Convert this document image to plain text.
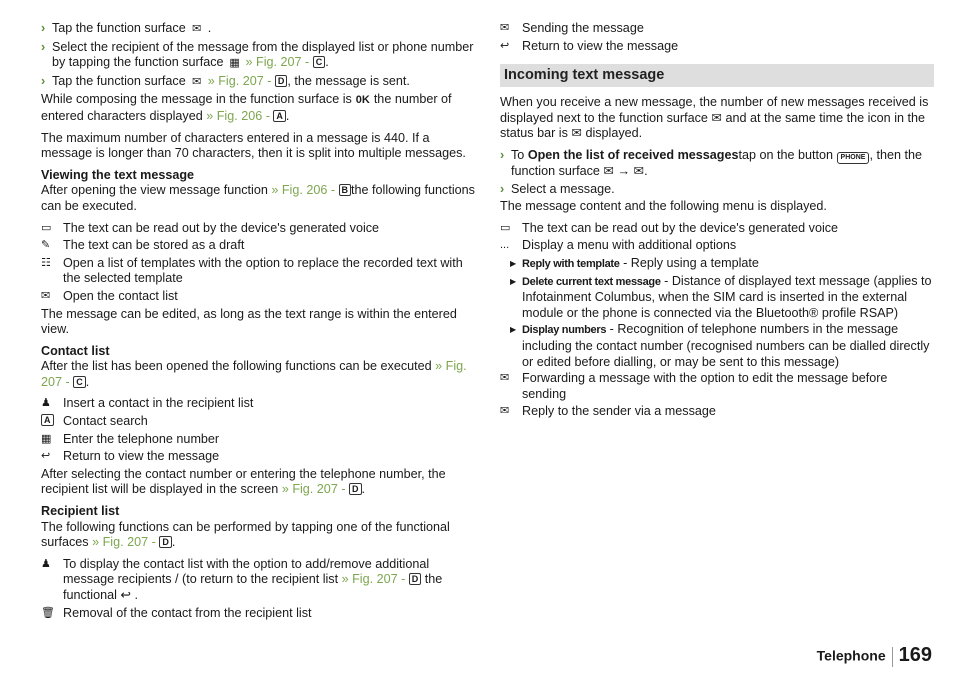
› Tap the function surface ✉ .
› Select the recipient of the message from the displayed list or phone number by tapping the function surface ▦ » Fig. 207 - C .
› Tap the function surface ✉ » Fig. 207 - D , the message is sent.

While composing the message in the function surface is 0K the number of entered characters displayed » Fig. 206 - A .

The maximum number of characters entered in a message is 440. If a message is longer than 70 characters, then it is split into multiple messages.

Viewing the text message

After opening the view message function » Fig. 206 - B the following functions can be executed.

▭ The text can be read out by the device's generated voice
✎	The text can be stored as a draft
☷ Open a list of templates with the option to replace the recorded text with the selected template
✉	Open the contact list

The message can be edited, as long as the text range is within the entered view.

Contact list

After the list has been opened the following functions can be executed » Fig. 207 - C .

♟ Insert a contact in the recipient list
A Contact search
▦ Enter the telephone number
↩	Return to view the message

After selecting the contact number or entering the telephone number, the recipient list will be displayed in the screen » Fig. 207 - D .

Recipient list

The following functions can be performed by tapping one of the functional surfaces » Fig. 207 - D .

♟ To display the contact list with the option to add/remove additional message recipients / (to return to the recipient list » Fig. 207 - D the functional ↩ .
🗑 Removal of the contact from the recipient list
✉	Sending the message
↩	Return to view the message
Incoming text message

When you receive a new message, the number of new messages received is displayed next to the function surface ✉ and at the same time the icon in the status bar is ✉ displayed.

› To Open the list of received messagestap on the button PHONE , then the function surface ✉ → ✉.
› Select a message.

The message content and the following menu is displayed.

▭ The text can be read out by the device's generated voice
...	Display a menu with additional options
▶ Reply with template - Reply using a template
▶ Delete current text message - Distance of displayed text message (applies to Infotainment Columbus, when the SIM card is inserted in the external module or the phone is connected via the Bluetooth® profile RSAP)
▶ Display numbers - Recognition of telephone numbers in the message including the contact number (recognised numbers can be dialled directly or edited before dialling, or may be sent to this message)
✉	Forwarding a message with the option to edit the message before sending
✉	Reply to the sender via a message
Telephone 169
